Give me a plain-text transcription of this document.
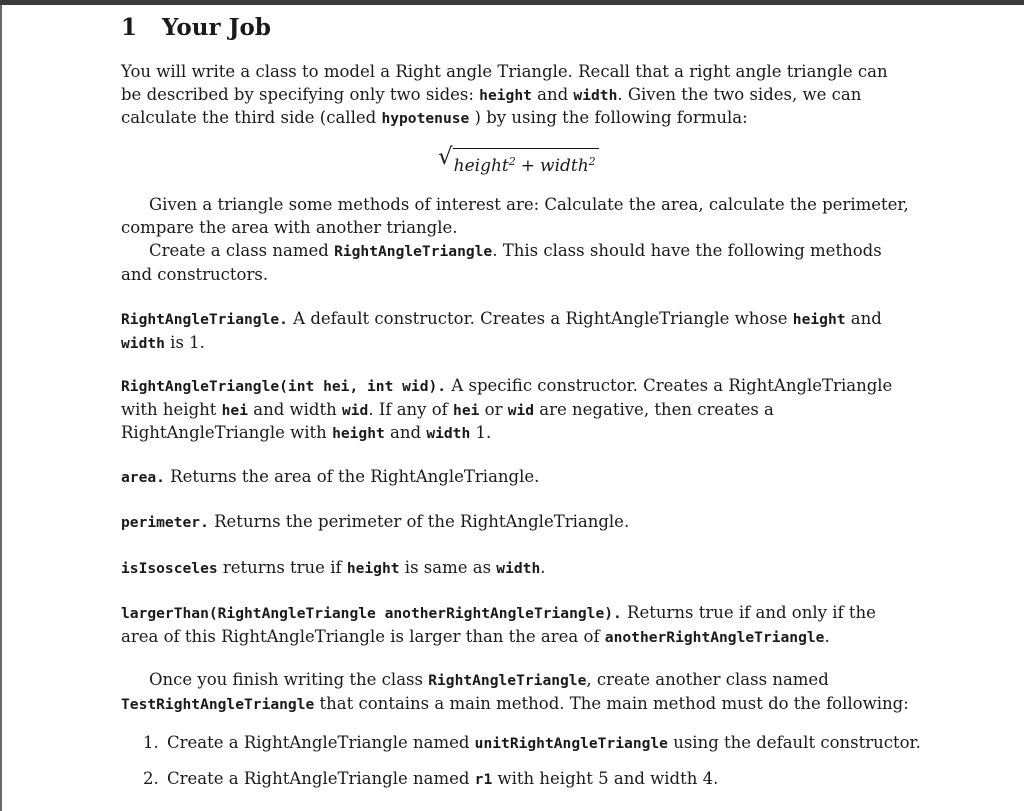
1 Your Job
You will write a class to model a Right angle Triangle. Recall that a right angle triangle can be described by specifying only two sides: height and width. Given the two sides, we can calculate the third side (called hypotenuse ) by using the following formula:
√ height$^2$ + width$^2$
Given a triangle some methods of interest are: Calculate the area, calculate the perimeter, compare the area with another triangle.
Create a class named RightAngleTriangle. This class should have the following methods and constructors.
RightAngleTriangle. A default constructor. Creates a RightAngleTriangle whose height and width is 1.
RightAngleTriangle(int hei, int wid). A specific constructor. Creates a RightAngleTriangle with height hei and width wid. If any of hei or wid are negative, then creates a RightAngleTriangle with height and width 1.
area. Returns the area of the RightAngleTriangle.
perimeter. Returns the perimeter of the RightAngleTriangle.
isIsosceles returns true if height is same as width.
largerThan(RightAngleTriangle anotherRightAngleTriangle). Returns true if and only if the area of this RightAngleTriangle is larger than the area of anotherRightAngleTriangle.
Once you finish writing the class RightAngleTriangle, create another class named TestRightAngleTriangle that contains a main method. The main method must do the following:
1. Create a RightAngleTriangle named unitRightAngleTriangle using the default constructor.
2. Create a RightAngleTriangle named r1 with height 5 and width 4.
